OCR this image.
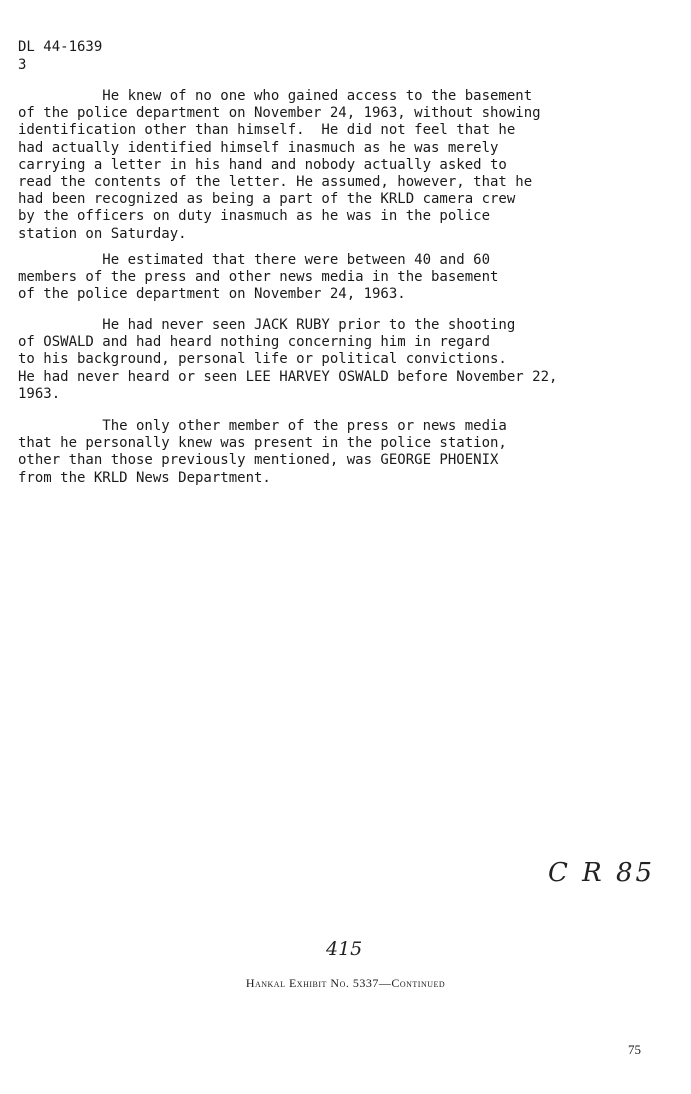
DL 44-1639
3

He knew of no one who gained access to the basement
of the police department on November 24, 1963, without showing
identification other than himself.  He did not feel that he
had actually identified himself inasmuch as he was merely
carrying a letter in his hand and nobody actually asked to
read the contents of the letter. He assumed, however, that he
had been recognized as being a part of the KRLD camera crew
by the officers on duty inasmuch as he was in the police
station on Saturday.

He estimated that there were between 40 and 60
members of the press and other news media in the basement
of the police department on November 24, 1963.

He had never seen JACK RUBY prior to the shooting
of OSWALD and had heard nothing concerning him in regard
to his background, personal life or political convictions.
He had never heard or seen LEE HARVEY OSWALD before November 22,
1963.

The only other member of the press or news media
that he personally knew was present in the police station,
other than those previously mentioned, was GEORGE PHOENIX
from the KRLD News Department.

C R 85
415
Hankal Exhibit No. 5337—Continued
75
